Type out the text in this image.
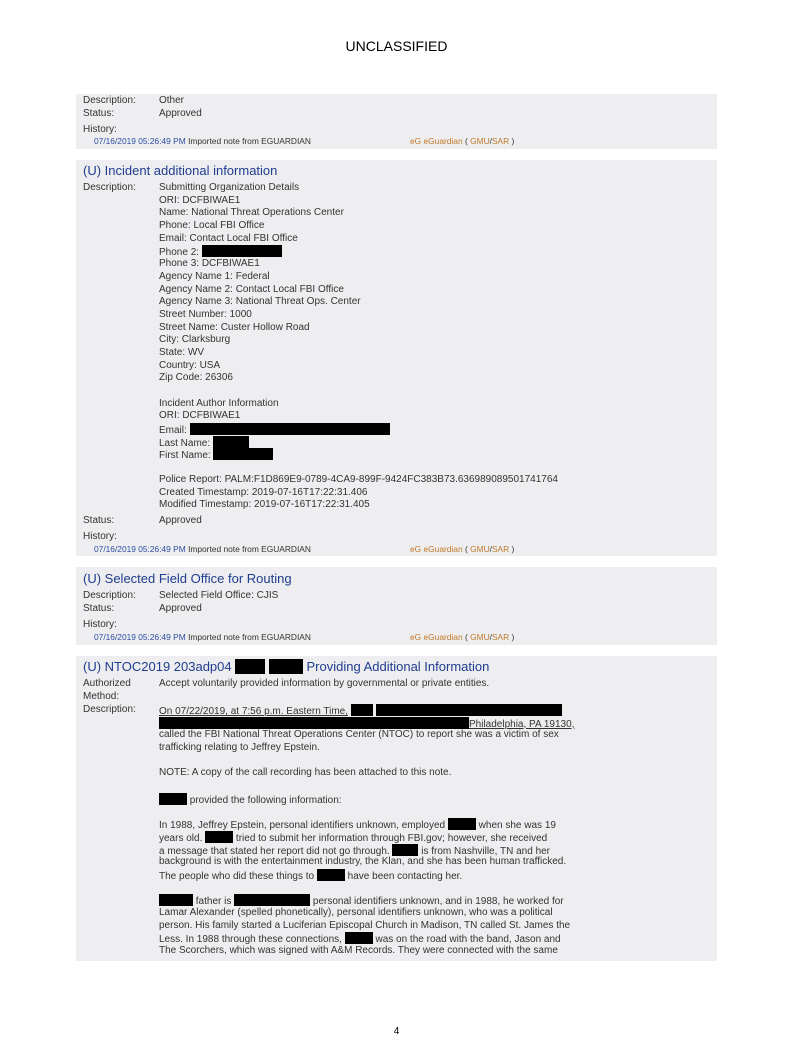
UNCLASSIFIED
Description:	Other
Status:	Approved
History:
07/16/2019 05:26:49 PM Imported note from EGUARDIAN	eG eGuardian ( GMU/SAR )
(U) Incident additional information
Description:	Submitting Organization Details
ORI: DCFBIWAE1
Name: National Threat Operations Center
Phone: Local FBI Office
Email: Contact Local FBI Office
Phone 2:
Phone 3: DCFBIWAE1
Agency Name 1: Federal
Agency Name 2: Contact Local FBI Office
Agency Name 3: National Threat Ops. Center
Street Number: 1000
Street Name: Custer Hollow Road
City: Clarksburg
State: WV
Country: USA
Zip Code: 26306
Incident Author Information
ORI: DCFBIWAE1
Email:
Last Name:
First Name:
Police Report: PALM:F1D869E9-0789-4CA9-899F-9424FC383B73.636989089501741764
Created Timestamp: 2019-07-16T17:22:31.406
Modified Timestamp: 2019-07-16T17:22:31.405
Status:	Approved
History:
07/16/2019 05:26:49 PM Imported note from EGUARDIAN	eG eGuardian ( GMU/SAR )
(U) Selected Field Office for Routing
Description:	Selected Field Office: CJIS
Status:	Approved
History:
07/16/2019 05:26:49 PM Imported note from EGUARDIAN	eG eGuardian ( GMU/SAR )
(U) NTOC2019 203adp04	Providing Additional Information
Authorized
Method:
Accept voluntarily provided information by governmental or private entities.
Description:	On 07/22/2019, at 7:56 p.m. Eastern Time,
Philadelphia, PA 19130,
called the FBI National Threat Operations Center (NTOC) to report she was a victim of sex
trafficking relating to Jeffrey Epstein.
NOTE: A copy of the call recording has been attached to this note.
provided the following information:
In 1988, Jeffrey Epstein, personal identifiers unknown, employed	when she was 19
years old.	tried to submit her information through FBI.gov; however, she received
a message that stated her report did not go through.	is from Nashville, TN and her
background is with the entertainment industry, the Klan, and she has been human trafficked.
The people who did these things to	have been contacting her.
father is	personal identifiers unknown, and in 1988, he worked for
Lamar Alexander (spelled phonetically), personal identifiers unknown, who was a political
person. His family started a Luciferian Episcopal Church in Madison, TN called St. James the
Less. In 1988 through these connections,	was on the road with the band, Jason and
The Scorchers, which was signed with A&M Records. They were connected with the same
4
